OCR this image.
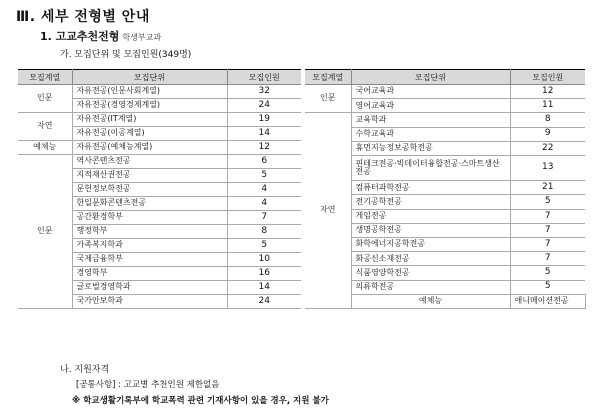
Ⅲ. 세부 전형별 안내
1. 고교추천전형 학생부교과
가. 모집단위 및 모집인원(349명)
모집계열	모집단위	모집인원
인문	자유전공(인문사회계열)	32
	자유전공(경영경제계열)	24
자연	자유전공(IT계열)	19
	자유전공(이공계열)	14
예체능	자유전공(예체능계열)	12
인문	역사콘텐츠전공	6
	지적재산권전공	5
	문헌정보학전공	4
	한일문화콘텐츠전공	4
	공간환경학부	7
	행정학부	8
	가족복지학과	5
	국제금융학부	10
	경영학부	16
	글로벌경영학과	14
	국가안보학과	24
모집계열	모집단위	모집인원	
인문	국어교육과	12	
	영어교육과	11	
자연	교육학과	8	
	수학교육과	9	
	휴먼지능정보공학전공	22	
	핀테크전공·빅데이터융합전공·스마트생산전공	13	
	컴퓨터과학전공	21	
	전기공학전공	5	
	게임전공	7	
	생명공학전공	7	
	화학에너지공학전공	7	
	화공신소재전공	7	
	식품영양학전공	5	
	의류학전공	5	
	예체능	애니메이션전공	
나. 지원자격
[공통사항] : 고교별 추천인원 제한없음
※ 학교생활기록부에 학교폭력 관련 기재사항이 있을 경우, 지원 불가
